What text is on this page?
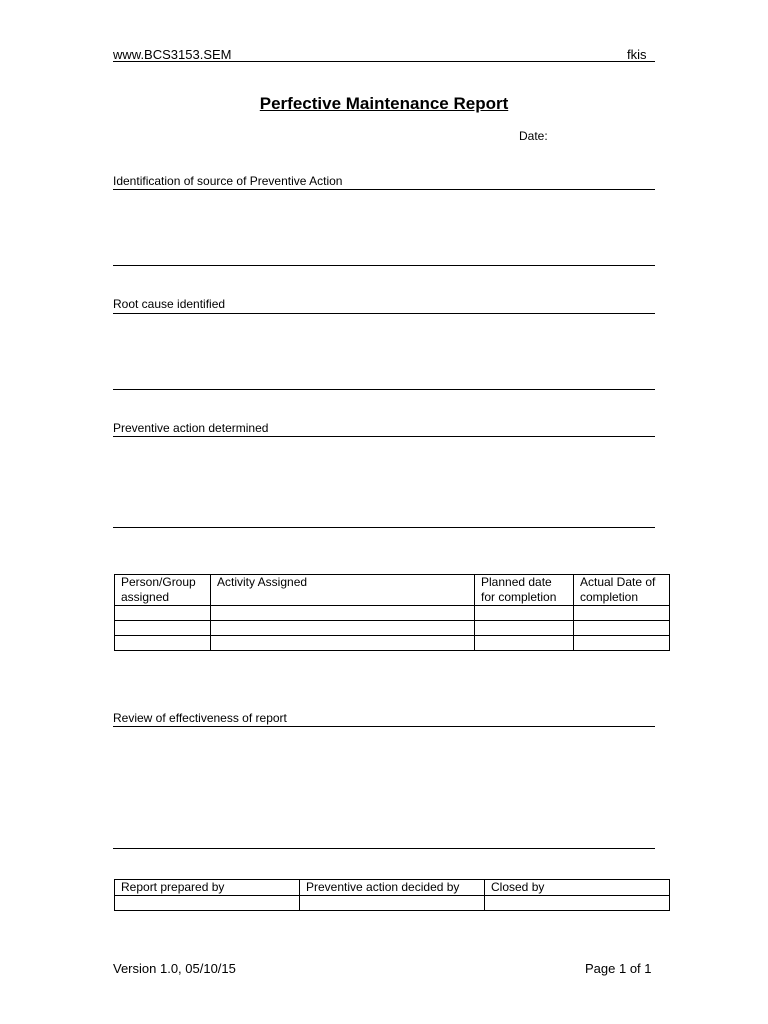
www.BCS3153.SEM	fkis
Perfective Maintenance Report
Date:
Identification of source of Preventive Action
Root cause identified
Preventive action determined
Person/Group assigned	Activity Assigned	Planned date for completion	Actual Date of completion

Review of effectiveness of report
Report prepared by	Preventive action decided by	Closed by

Version 1.0, 05/10/15	Page 1 of 1
